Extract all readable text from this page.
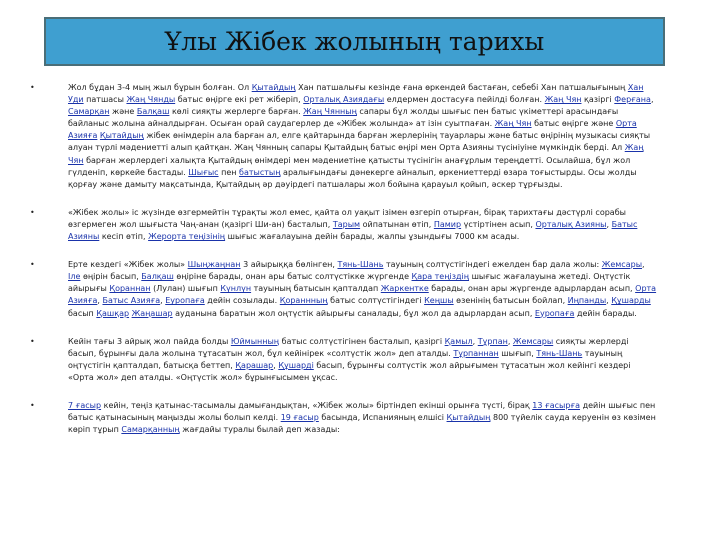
Ұлы Жібек жолының тарихы

•	Жол бұдан 3-4 мың жыл бұрын болған. Ол Қытайдың Хан патшалығы кезінде ғана өркендей бастаған, себебі Хан патшалығының Хан Уди патшасы Жаң Чянды батыс өңірге екі рет жіберіп, Орталық Азиядағы елдермен достасуға пейілді болған. Жаң Чян қазіргі Ферғана, Самарқан және Балқаш көлі сияқты жерлерге барған. Жаң Чянның сапары бұл жолды шығыс пен батыс үкіметтері арасындағы байланыс жолына айналдырған. Осыған орай саудагерлер де «Жібек жолында» ат ізін суытпаған. Жаң Чян батыс өңірге және Орта Азияға Қытайдың жібек өнімдерін ала барған ал, елге қайтарында барған жерлерінің тауарлары және батыс өңірінің музыкасы сияқты алуан түрлі мәдениетті алып қайтқан. Жаң Чянның сапары Қытайдың батыс өңірі мен Орта Азияны түсініуіне мүмкіндік берді. Ал Жаң Чян барған жерлердегі халықта Қытайдың өнімдері мен мәдениетіне қатысты түсінігін анағұрлым тереңдетті. Осылайша, бұл жол гүлденіп, көркейе бастады. Шығыс пен батыстың аралығындағы дәнекерге айналып, өркениеттерді өзара тоғыстырды. Осы жолды қорғау және дамыту мақсатында, Қытайдың әр дәуірдегі патшалары жол бойына қарауыл қойып, әскер тұрғызды.

•	«Жібек жолы» іс жүзінде өзгермейтін тұрақты жол емес, қайта ол уақыт ізімен өзгеріп отырған, бірақ тарихтағы дәстүрлі сорабы өзгермеген жол шығыста Чаң-анан (қазіргі Ши-ан) басталып, Тарым ойпатынан өтіп, Памир үстіртінен асып, Орталық Азияны, Батыс Азияны кесіп өтіп, Жерорта теңізінің шығыс жағалауына дейін барады, жалпы ұзындығы 7000 км асады.

•	Ерте кездегі «Жібек жолы» Шыңжаңнан 3 айырыққа бөлінген, Тянь-Шань тауының солтүстігіндегі ежелден бар дала жолы: Жемсары, Іле өңірін басып, Балқаш өңіріне барады, онан ары батыс солтүстікке жүргенде Қара теңіздің шығыс жағалауына жетеді. Оңтүстік айырығы Қораннан (Лулан) шығып Күнлүн тауының батысын қапталдап Жаркентке барады, онан ары жүргенде адырлардан асып, Орта Азияға, Батыс Азияға, Еуропаға дейін созылады. Қораннның батыс солтүстігіндегі Кеңшы өзенінің батысын бойлап, Иңпанды, Құшарды басып Қашқар Жаңашар ауданына баратын жол оңтүстік айырығы саналады, бұл жол да адырлардан асып, Еуропаға дейін барады.

•	Кейін тағы 3 айрық жол пайда болды Юймынның батыс солтүстігінен басталып, қазіргі Қамыл, Тұрпан, Жемсары сияқты жерлерді басып, бұрынғы дала жолына тұтасатын жол, бұл кейінірек «солтүстік жол» деп аталды. Тұрпаннан шығып, Тянь-Шань тауының оңтүстігін қапталдап, батысқа беттеп, Қарашар, Құшарді басып, бұрынғы солтүстік жол айрығымен тұтасатын жол кейінгі кездері «Орта жол» деп аталды. «Оңтүстік жол» бұрынғысымен ұқсас.

•	7 ғасыр кейін, теңіз қатынас-тасымалы дамығандықтан, «Жібек жолы» біртіндеп екінші орынға түсті, бірақ 13 ғасырға дейін шығыс пен батыс қатынасының маңызды жолы болып келді. 19 ғасыр басында, Испанияның елшісі Қытайдың 800 түйелік сауда керуенін өз көзімен көріп тұрып Самарқанның жағдайы туралы былай деп жазады:
